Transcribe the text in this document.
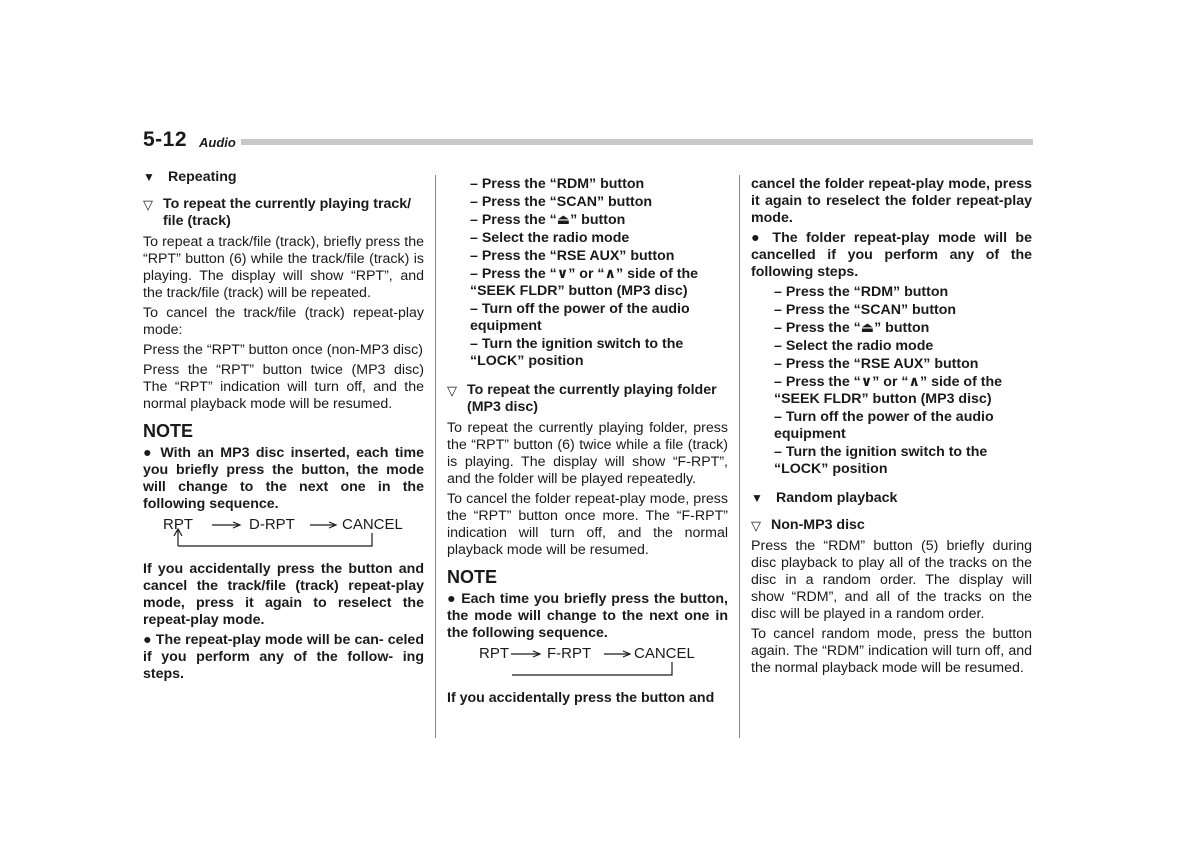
5-12 Audio
▼ Repeating
▽ To repeat the currently playing track/ file (track)

To repeat a track/file (track), briefly press the “RPT” button (6) while the track/file (track) is playing. The display will show “RPT”, and the track/file (track) will be repeated.

To cancel the track/file (track) repeat-play mode:

Press the “RPT” button once (non-MP3 disc)

Press the “RPT” button twice (MP3 disc) The “RPT” indication will turn off, and the normal playback mode will be resumed.

NOTE

● With an MP3 disc inserted, each time you briefly press the button, the mode will change to the next one in the following sequence.

RPT	D-RPT	CANCEL

If you accidentally press the button and cancel the track/file (track) repeat-play mode, press it again to reselect the repeat-play mode.

● The repeat-play mode will be can- celed if you perform any of the follow- ing steps.

– Press the “RDM” button
– Press the “SCAN” button
– Press the “⏏” button
– Select the radio mode
– Press the “RSE AUX” button
– Press the “∨” or “∧” side of the “SEEK FLDR” button (MP3 disc)
– Turn off the power of the audio equipment
– Turn the ignition switch to the “LOCK” position
▽ To repeat the currently playing folder (MP3 disc)

To repeat the currently playing folder, press the “RPT” button (6) twice while a file (track) is playing. The display will show “F-RPT”, and the folder will be played repeatedly.

To cancel the folder repeat-play mode, press the “RPT” button once more. The “F-RPT” indication will turn off, and the normal playback mode will be resumed.

NOTE

● Each time you briefly press the button, the mode will change to the next one in the following sequence.

RPT	F-RPT	CANCEL

If you accidentally press the button and

cancel the folder repeat-play mode, press it again to reselect the folder repeat-play mode.

● The folder repeat-play mode will be cancelled if you perform any of the following steps.

– Press the “RDM” button
– Press the “SCAN” button
– Press the “⏏” button
– Select the radio mode
– Press the “RSE AUX” button
– Press the “∨” or “∧” side of the “SEEK FLDR” button (MP3 disc)
– Turn off the power of the audio equipment
– Turn the ignition switch to the “LOCK” position
▼ Random playback
▽ Non-MP3 disc

Press the “RDM” button (5) briefly during disc playback to play all of the tracks on the disc in a random order. The display will show “RDM”, and all of the tracks on the disc will be played in a random order.

To cancel random mode, press the button again. The “RDM” indication will turn off, and the normal playback mode will be resumed.
